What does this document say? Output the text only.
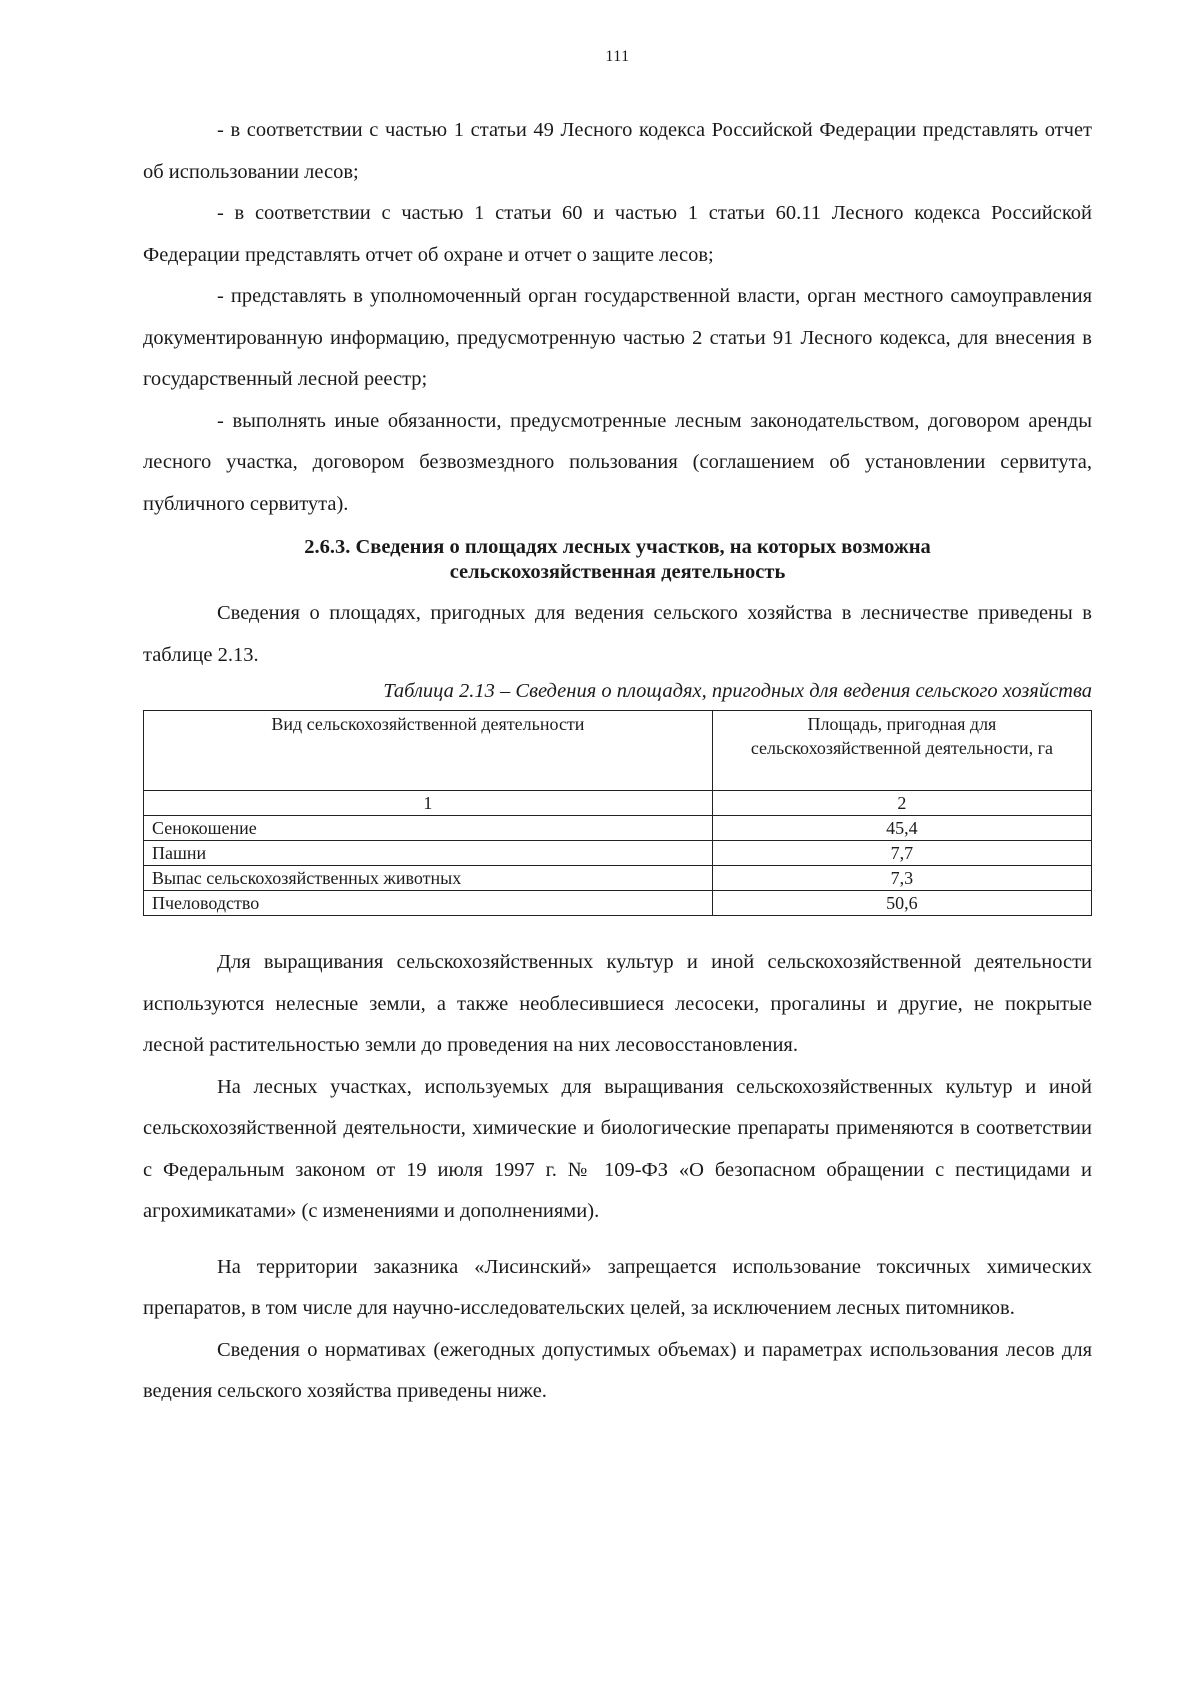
111

- в соответствии с частью 1 статьи 49 Лесного кодекса Российской Федерации представлять отчет об использовании лесов;

- в соответствии с частью 1 статьи 60 и частью 1 статьи 60.11 Лесного кодекса Российской Федерации представлять отчет об охране и отчет о защите лесов;

- представлять в уполномоченный орган государственной власти, орган местного самоуправления документированную информацию, предусмотренную частью 2 статьи 91 Лесного кодекса, для внесения в государственный лесной реестр;

- выполнять иные обязанности, предусмотренные лесным законодательством, договором аренды лесного участка, договором безвозмездного пользования (соглашением об установлении сервитута, публичного сервитута).

2.6.3. Сведения о площадях лесных участков, на которых возможна
сельскохозяйственная деятельность

Сведения о площадях, пригодных для ведения сельского хозяйства в лесничестве приведены в таблице 2.13.

Таблица 2.13 – Сведения о площадях, пригодных для ведения сельского хозяйства
Вид сельскохозяйственной деятельности	Площадь, пригодная для сельскохозяйственной деятельности, га
1	2
Сенокошение	45,4
Пашни	7,7
Выпас сельскохозяйственных животных	7,3
Пчеловодство	50,6

Для выращивания сельскохозяйственных культур и иной сельскохозяйственной деятельности используются нелесные земли, а также необлесившиеся лесосеки, прогалины и другие, не покрытые лесной растительностью земли до проведения на них лесовосстановления.

На лесных участках, используемых для выращивания сельскохозяйственных культур и иной сельскохозяйственной деятельности, химические и биологические препараты применяются в соответствии с Федеральным законом от 19 июля 1997 г. № 109-ФЗ «О безопасном обращении с пестицидами и агрохимикатами» (с изменениями и дополнениями).

На территории заказника «Лисинский» запрещается использование токсичных химических препаратов, в том числе для научно-исследовательских целей, за исключением лесных питомников.

Сведения о нормативах (ежегодных допустимых объемах) и параметрах использования лесов для ведения сельского хозяйства приведены ниже.
